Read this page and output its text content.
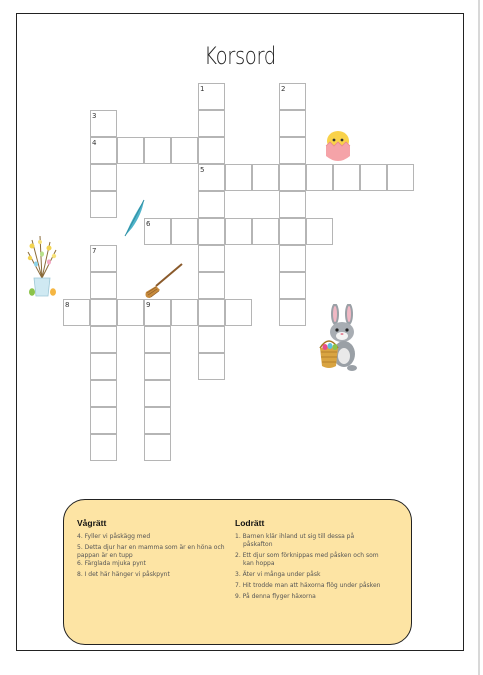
Korsord
1	2
3
4
5
6
7
8	9
Vågrätt
4. Fyller vi påskägg med
5. Detta djur har en mamma som är en höna och pappan är en tupp
6. Färglada mjuka pynt
8. I det här hänger vi påskpynt
Lodrätt
1. Barnen klär ihland ut sig till dessa på påskafton
2. Ett djur som förknippas med påsken och som kan hoppa
3. Äter vi många under påsk
7. Hit trodde man att häxorna flög under påsken
9. På denna flyger häxorna
